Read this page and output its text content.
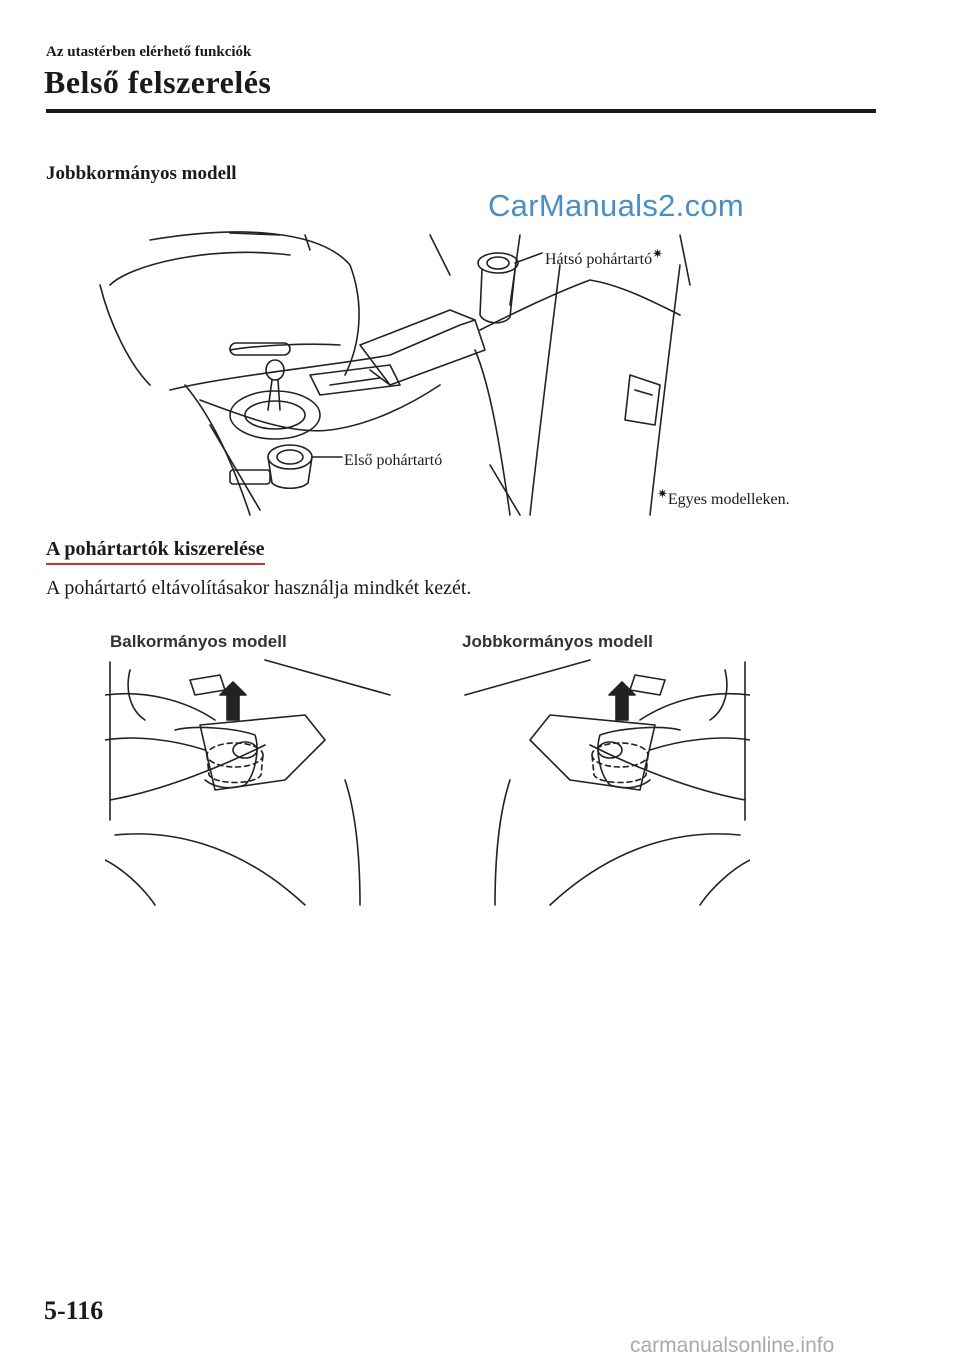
Az utastérben elérhető funkciók
Belső felszerelés
Jobbkormányos modell
CarManuals2.com
Hátsó pohártartó✷
Első pohártartó
✷Egyes modelleken.
A pohártartók kiszerelése
A pohártartó eltávolításakor használja mindkét kezét.
Balkormányos modell	Jobbkormányos modell
5-116
carmanualsonline.info
